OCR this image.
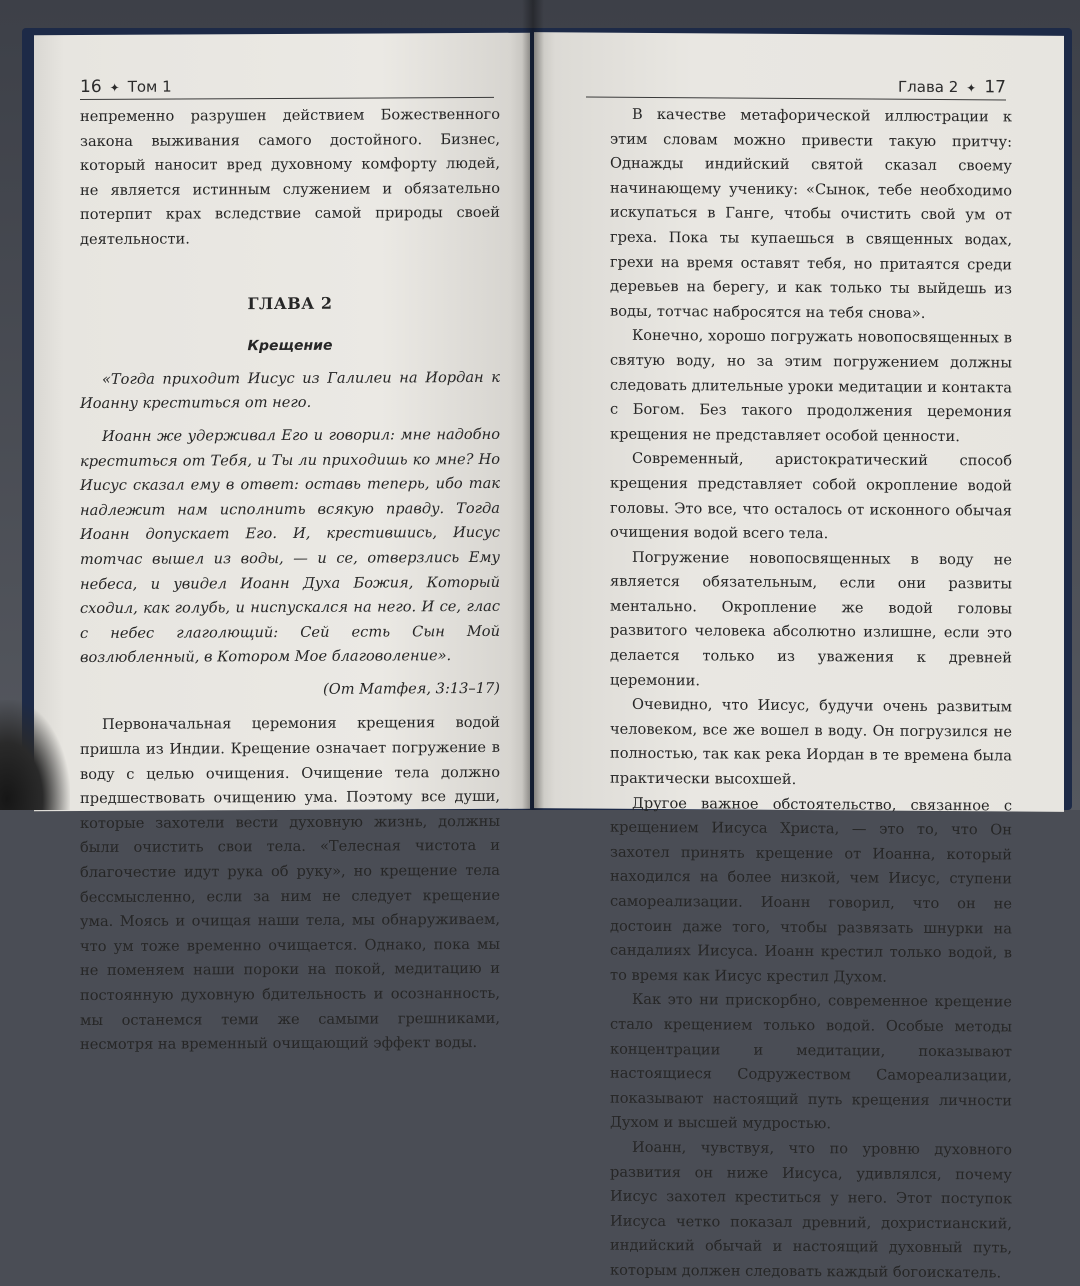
16 ✦ Том 1

непременно разрушен действием Божественного закона выживания самого достойного. Бизнес, который наносит вред духовному комфорту людей, не является истинным служением и обязательно потерпит крах вследствие самой природы своей деятельности.

ГЛАВА 2

Крещение

«Тогда приходит Иисус из Галилеи на Иордан к Иоанну креститься от него.

Иоанн же удерживал Его и говорил: мне надобно креститься от Тебя, и Ты ли приходишь ко мне? Но Иисус сказал ему в ответ: оставь теперь, ибо так надлежит нам исполнить всякую правду. Тогда Иоанн допускает Его. И, крестившись, Иисус тотчас вышел из воды, — и се, отверзлись Ему небеса, и увидел Иоанн Духа Божия, Который сходил, как голубь, и ниспускался на него. И се, глас с небес глаголющий: Сей есть Сын Мой возлюбленный, в Котором Мое благоволение».

(От Матфея, 3:13–17)

Первоначальная церемония крещения водой пришла из Индии. Крещение означает погружение в воду с целью очищения. Очищение тела должно предшествовать очищению ума. Поэтому все души, которые захотели вести духовную жизнь, должны были очистить свои тела. «Телесная чистота и благочестие идут рука об руку», но крещение тела бессмысленно, если за ним не следует крещение ума. Моясь и очищая наши тела, мы обнаруживаем, что ум тоже временно очищается. Однако, пока мы не поменяем наши пороки на покой, медитацию и постоянную духовную бдительность и осознанность, мы останемся теми же самыми грешниками, несмотря на временный очищающий эффект воды.

Глава 2 ✦ 17

В качестве метафорической иллюстрации к этим словам можно привести такую притчу: Однажды индийский святой сказал своему начинающему ученику: «Сынок, тебе необходимо искупаться в Ганге, чтобы очистить свой ум от греха. Пока ты купаешься в священных водах, грехи на время оставят тебя, но притаятся среди деревьев на берегу, и как только ты выйдешь из воды, тотчас набросятся на тебя снова».

Конечно, хорошо погружать новопосвященных в святую воду, но за этим погружением должны следовать длительные уроки медитации и контакта с Богом. Без такого продолжения церемония крещения не представляет особой ценности.

Современный, аристократический способ крещения представляет собой окропление водой головы. Это все, что осталось от исконного обычая очищения водой всего тела.

Погружение новопосвященных в воду не является обязательным, если они развиты ментально. Окропление же водой головы развитого человека абсолютно излишне, если это делается только из уважения к древней церемонии.

Очевидно, что Иисус, будучи очень развитым человеком, все же вошел в воду. Он погрузился не полностью, так как река Иордан в те времена была практически высохшей.

Другое важное обстоятельство, связанное с крещением Иисуса Христа, — это то, что Он захотел принять крещение от Иоанна, который находился на более низкой, чем Иисус, ступени самореализации. Иоанн говорил, что он не достоин даже того, чтобы развязать шнурки на сандалиях Иисуса. Иоанн крестил только водой, в то время как Иисус крестил Духом.

Как это ни прискорбно, современное крещение стало крещением только водой. Особые методы концентрации и медитации, показывают настоящиеся Содружеством Самореализации, показывают настоящий путь крещения личности Духом и высшей мудростью.

Иоанн, чувствуя, что по уровню духовного развития он ниже Иисуса, удивлялся, почему Иисус захотел креститься у него. Этот поступок Иисуса четко показал древний, дохристианский, индийский обычай и настоящий духовный путь, которым должен следовать каждый богоискатель.
